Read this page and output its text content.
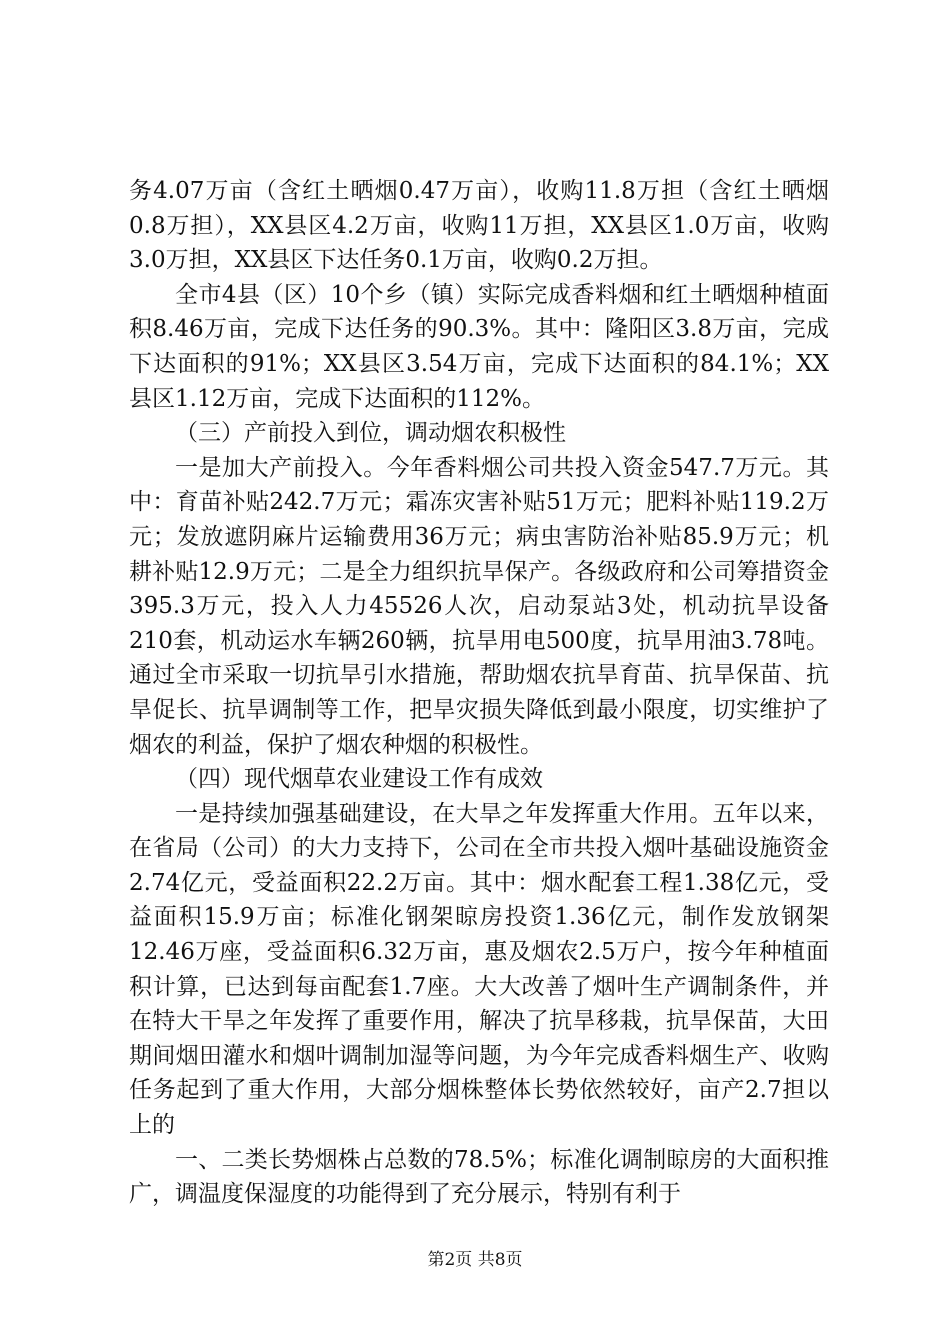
务4.07万亩（含红土晒烟0.47万亩），收购11.8万担（含红土晒烟0.8万担），XX县区4.2万亩，收购11万担，XX县区1.0万亩，收购3.0万担，XX县区下达任务0.1万亩，收购0.2万担。

全市4县（区）10个乡（镇）实际完成香料烟和红土晒烟种植面积8.46万亩，完成下达任务的90.3%。其中：隆阳区3.8万亩，完成下达面积的91%；XX县区3.54万亩，完成下达面积的84.1%；XX县区1.12万亩，完成下达面积的112%。

（三）产前投入到位，调动烟农积极性

一是加大产前投入。今年香料烟公司共投入资金547.7万元。其中：育苗补贴242.7万元；霜冻灾害补贴51万元；肥料补贴119.2万元；发放遮阴麻片运输费用36万元；病虫害防治补贴85.9万元；机耕补贴12.9万元；二是全力组织抗旱保产。各级政府和公司筹措资金395.3万元，投入人力45526人次，启动泵站3处，机动抗旱设备210套，机动运水车辆260辆，抗旱用电500度，抗旱用油3.78吨。通过全市采取一切抗旱引水措施，帮助烟农抗旱育苗、抗旱保苗、抗旱促长、抗旱调制等工作，把旱灾损失降低到最小限度，切实维护了烟农的利益，保护了烟农种烟的积极性。

（四）现代烟草农业建设工作有成效

一是持续加强基础建设，在大旱之年发挥重大作用。五年以来，在省局（公司）的大力支持下，公司在全市共投入烟叶基础设施资金2.74亿元，受益面积22.2万亩。其中：烟水配套工程1.38亿元，受益面积15.9万亩；标准化钢架晾房投资1.36亿元，制作发放钢架12.46万座，受益面积6.32万亩，惠及烟农2.5万户，按今年种植面积计算，已达到每亩配套1.7座。大大改善了烟叶生产调制条件，并在特大干旱之年发挥了重要作用，解决了抗旱移栽，抗旱保苗，大田期间烟田灌水和烟叶调制加湿等问题，为今年完成香料烟生产、收购任务起到了重大作用，大部分烟株整体长势依然较好，亩产2.7担以上的

一、二类长势烟株占总数的78.5%；标准化调制晾房的大面积推广，调温度保湿度的功能得到了充分展示，特别有利于

第2页 共8页
